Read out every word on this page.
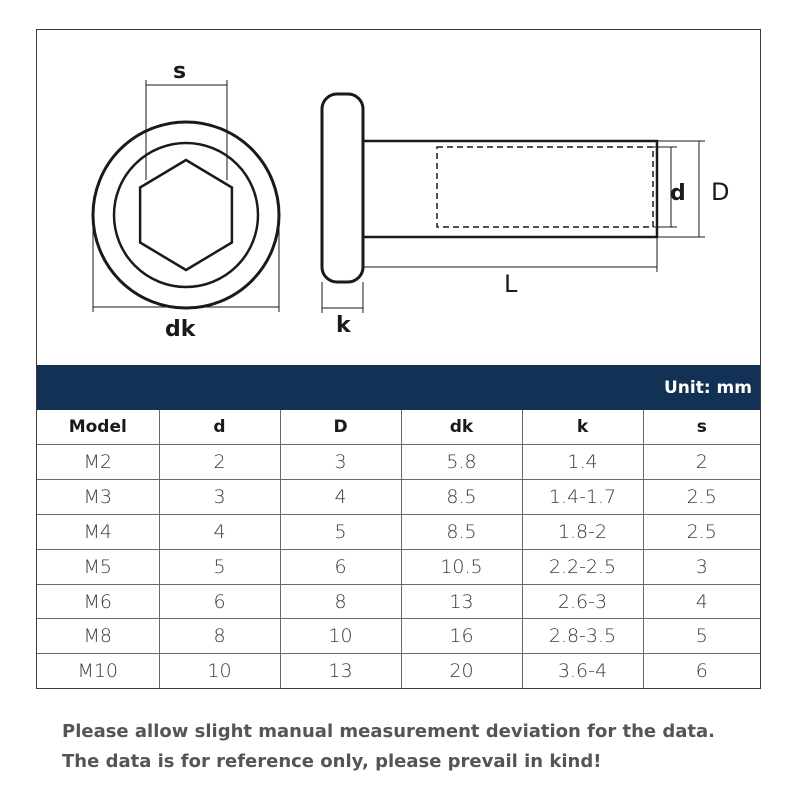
s
dk	k
L
d D
Unit: mm
Model	d	D	dk	k	s
M2	2	3	5.8	1.4	2
M3	3	4	8.5	1.4-1.7	2.5
M4	4	5	8.5	1.8-2	2.5
M5	5	6	10.5	2.2-2.5	3
M6	6	8	13	2.6-3	4
M8	8	10	16	2.8-3.5	5
M10	10	13	20	3.6-4	6
Please allow slight manual measurement deviation for the data.
The data is for reference only, please prevail in kind!
